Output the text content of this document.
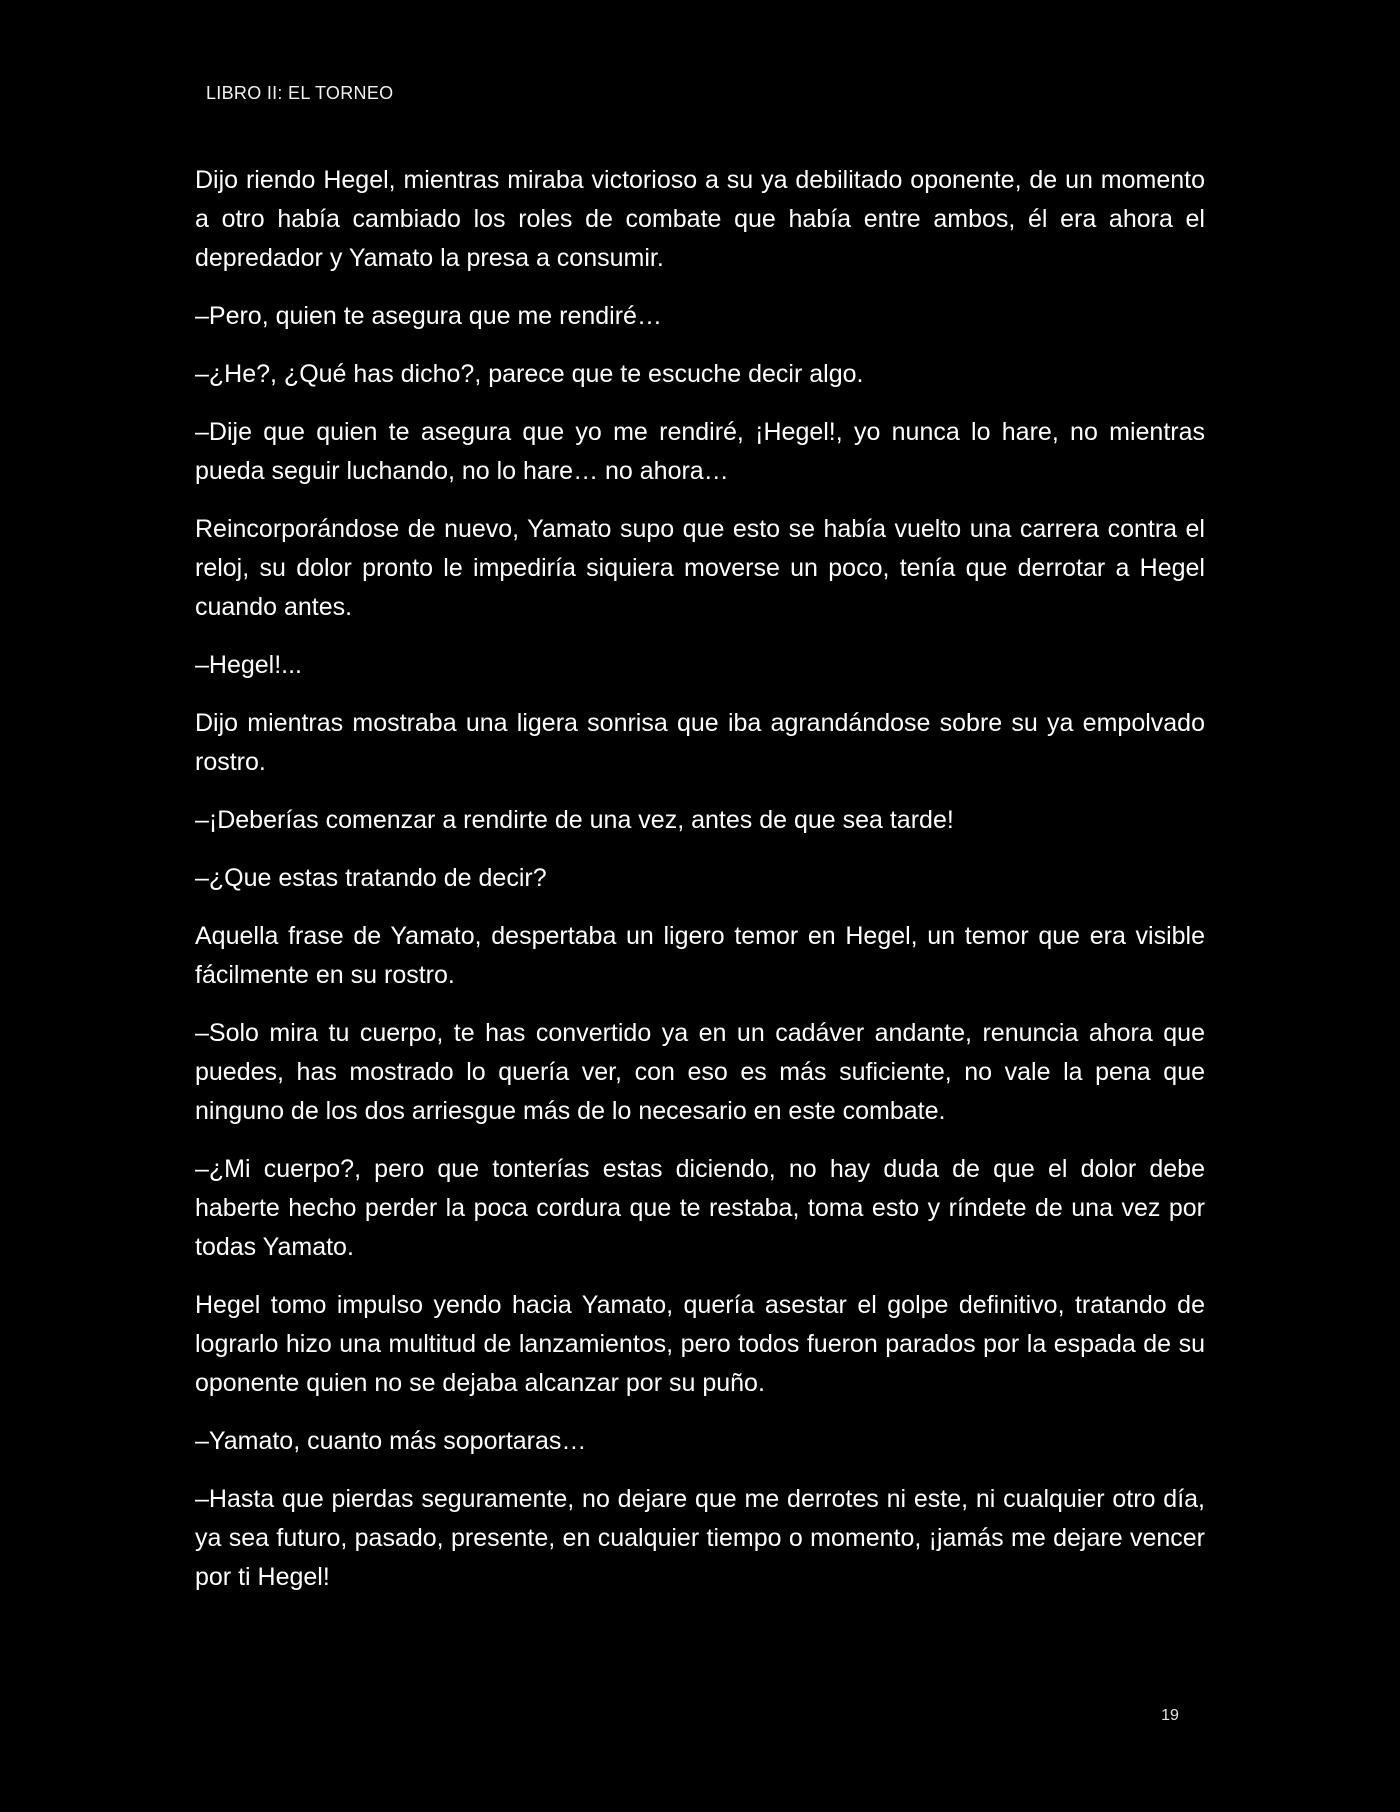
LIBRO II: EL TORNEO

Dijo riendo Hegel, mientras miraba victorioso a su ya debilitado oponente, de un momento a otro había cambiado los roles de combate que había entre ambos, él era ahora el depredador y Yamato la presa a consumir.

–Pero, quien te asegura que me rendiré…

–¿He?, ¿Qué has dicho?, parece que te escuche decir algo.

–Dije que quien te asegura que yo me rendiré, ¡Hegel!, yo nunca lo hare, no mientras pueda seguir luchando, no lo hare… no ahora…

Reincorporándose de nuevo, Yamato supo que esto se había vuelto una carrera contra el reloj, su dolor pronto le impediría siquiera moverse un poco, tenía que derrotar a Hegel cuando antes.

–Hegel!...

Dijo mientras mostraba una ligera sonrisa que iba agrandándose sobre su ya empolvado rostro.

–¡Deberías comenzar a rendirte de una vez, antes de que sea tarde!

–¿Que estas tratando de decir?

Aquella frase de Yamato, despertaba un ligero temor en Hegel, un temor que era visible fácilmente en su rostro.

–Solo mira tu cuerpo, te has convertido ya en un cadáver andante, renuncia ahora que puedes, has mostrado lo quería ver, con eso es más suficiente, no vale la pena que ninguno de los dos arriesgue más de lo necesario en este combate.

–¿Mi cuerpo?, pero que tonterías estas diciendo, no hay duda de que el dolor debe haberte hecho perder la poca cordura que te restaba, toma esto y ríndete de una vez por todas Yamato.

Hegel tomo impulso yendo hacia Yamato, quería asestar el golpe definitivo, tratando de lograrlo hizo una multitud de lanzamientos, pero todos fueron parados por la espada de su oponente quien no se dejaba alcanzar por su puño.

–Yamato, cuanto más soportaras…

–Hasta que pierdas seguramente, no dejare que me derrotes ni este, ni cualquier otro día, ya sea futuro, pasado, presente, en cualquier tiempo o momento, ¡jamás me dejare vencer por ti Hegel!

19
